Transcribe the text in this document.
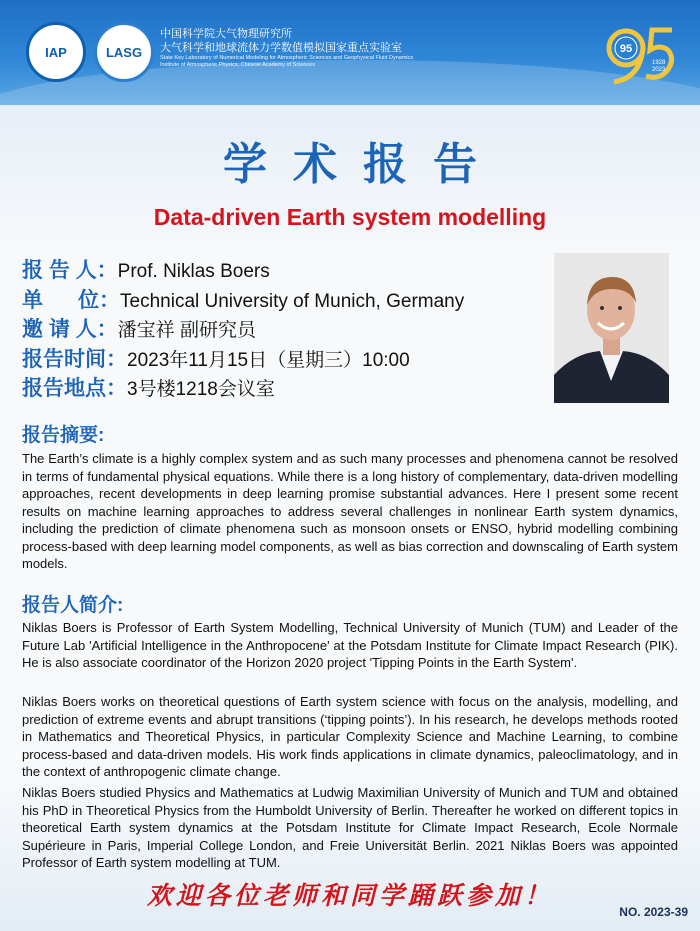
IAP	LASG
中国科学院大气物理研究所
大气科学和地球流体力学数值模拟国家重点实验室
State Key Laboratory of Numerical Modeling for Atmospheric Sciences and Geophysical Fluid Dynamics
Institute of Atmospheric Physics, Chinese Academy of Sciences
95
1928
2023
学术报告
Data-driven Earth system modelling
报 告 人： Prof. Niklas Boers
单      位： Technical University of Munich, Germany
邀 请 人： 潘宝祥 副研究员
报告时间： 2023年11月15日（星期三）10:00
报告地点： 3号楼1218会议室
报告摘要:
The Earth’s climate is a highly complex system and as such many processes and phenomena cannot be resolved in terms of fundamental physical equations. While there is a long history of complementary, data-driven modelling approaches, recent developments in deep learning promise substantial advances. Here I present some recent results on machine learning approaches to address several challenges in nonlinear Earth system dynamics, including the prediction of climate phenomena such as monsoon onsets or ENSO, hybrid modelling combining process-based with deep learning model components, as well as bias correction and downscaling of Earth system models.
报告人简介:
Niklas Boers is Professor of Earth System Modelling, Technical University of Munich (TUM) and Leader of the Future Lab 'Artificial Intelligence in the Anthropocene' at the Potsdam Institute for Climate Impact Research (PIK). He is also associate coordinator of the Horizon 2020 project 'Tipping Points in the Earth System'.
Niklas Boers works on theoretical questions of Earth system science with focus on the analysis, modelling, and prediction of extreme events and abrupt transitions (‘tipping points’). In his research, he develops methods rooted in Mathematics and Theoretical Physics, in particular Complexity Science and Machine Learning, to combine process-based and data-driven models. His work finds applications in climate dynamics, paleoclimatology, and in the context of anthropogenic climate change.
Niklas Boers studied Physics and Mathematics at Ludwig Maximilian University of Munich and TUM and obtained his PhD in Theoretical Physics from the Humboldt University of Berlin. Thereafter he worked on different topics in theoretical Earth system dynamics at the Potsdam Institute for Climate Impact Research, Ecole Normale Supérieure in Paris, Imperial College London, and Freie Universität Berlin. 2021 Niklas Boers was appointed Professor of Earth system modelling at TUM.
欢迎各位老师和同学踊跃参加！
NO. 2023-39
